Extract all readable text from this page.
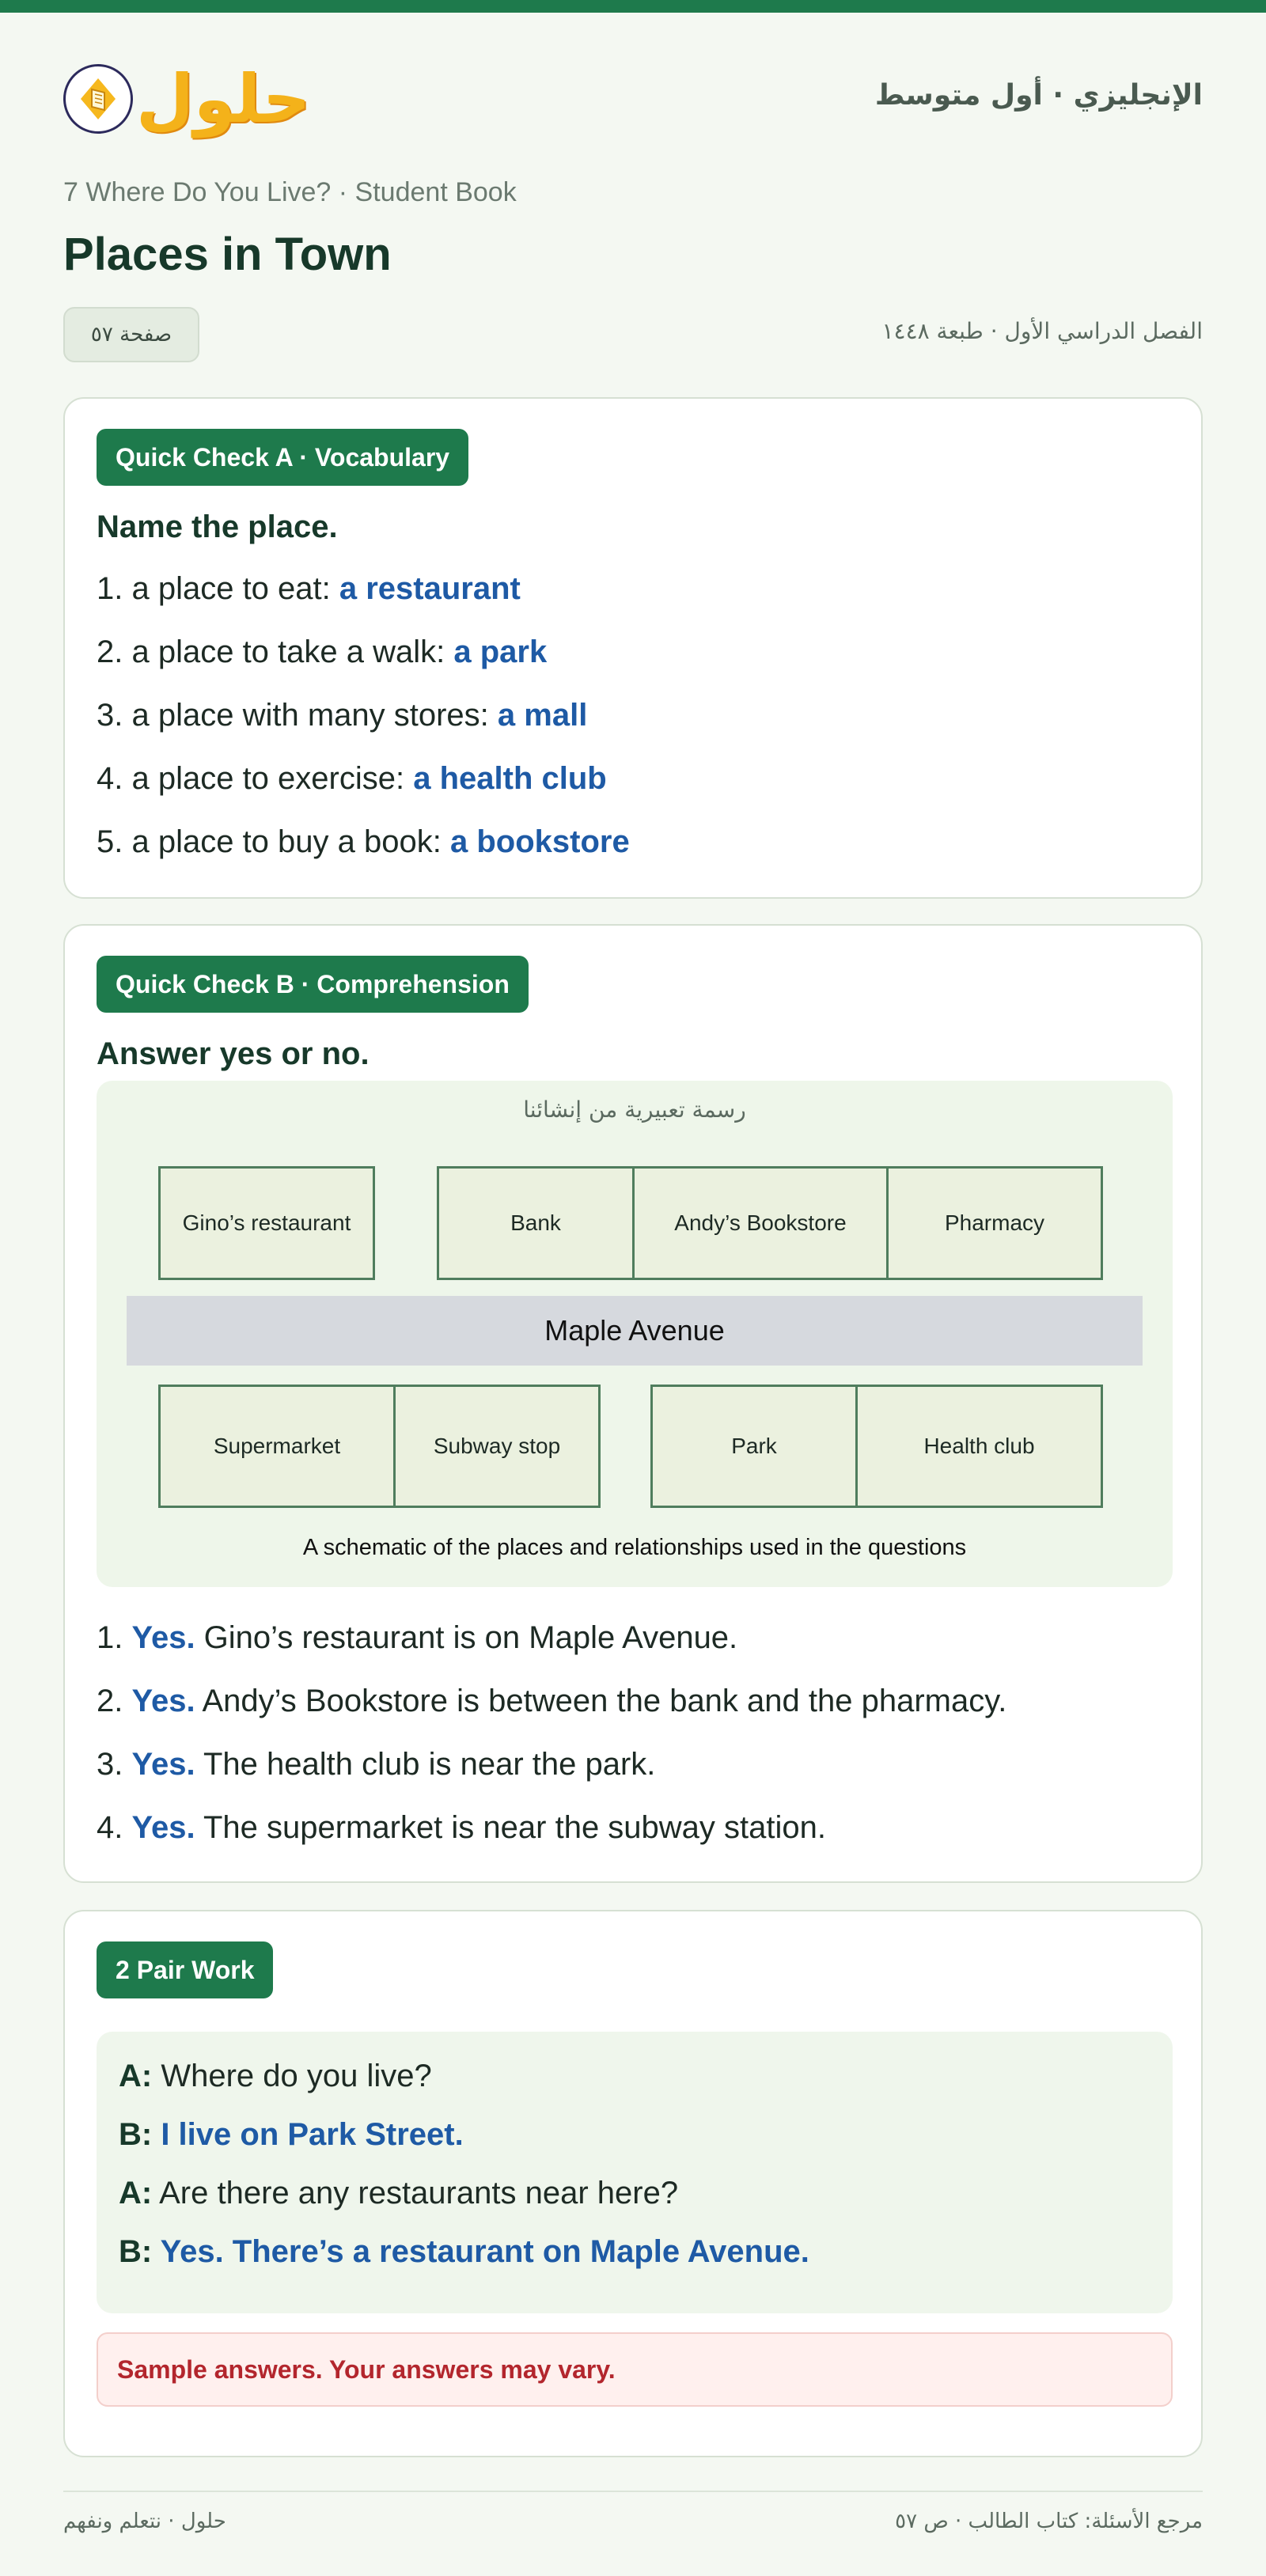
حلول	الإنجليزي · أول متوسط
7 Where Do You Live? · Student Book
Places in Town
صفحة ٥٧	الفصل الدراسي الأول · طبعة ١٤٤٨
Quick Check A · Vocabulary
Name the place.
1. a place to eat: a restaurant
2. a place to take a walk: a park
3. a place with many stores: a mall
4. a place to exercise: a health club
5. a place to buy a book: a bookstore
Quick Check B · Comprehension
Answer yes or no.
رسمة تعبيرية من إنشائنا
Gino’s restaurant	Bank	Andy’s Bookstore	Pharmacy
Maple Avenue
Supermarket	Subway stop	Park	Health club
A schematic of the places and relationships used in the questions
1. Yes. Gino’s restaurant is on Maple Avenue.
2. Yes. Andy’s Bookstore is between the bank and the pharmacy.
3. Yes. The health club is near the park.
4. Yes. The supermarket is near the subway station.
2 Pair Work
A: Where do you live?
B: I live on Park Street.
A: Are there any restaurants near here?
B: Yes. There’s a restaurant on Maple Avenue.
Sample answers. Your answers may vary.
حلول · نتعلم ونفهم	مرجع الأسئلة: كتاب الطالب · ص ٥٧
